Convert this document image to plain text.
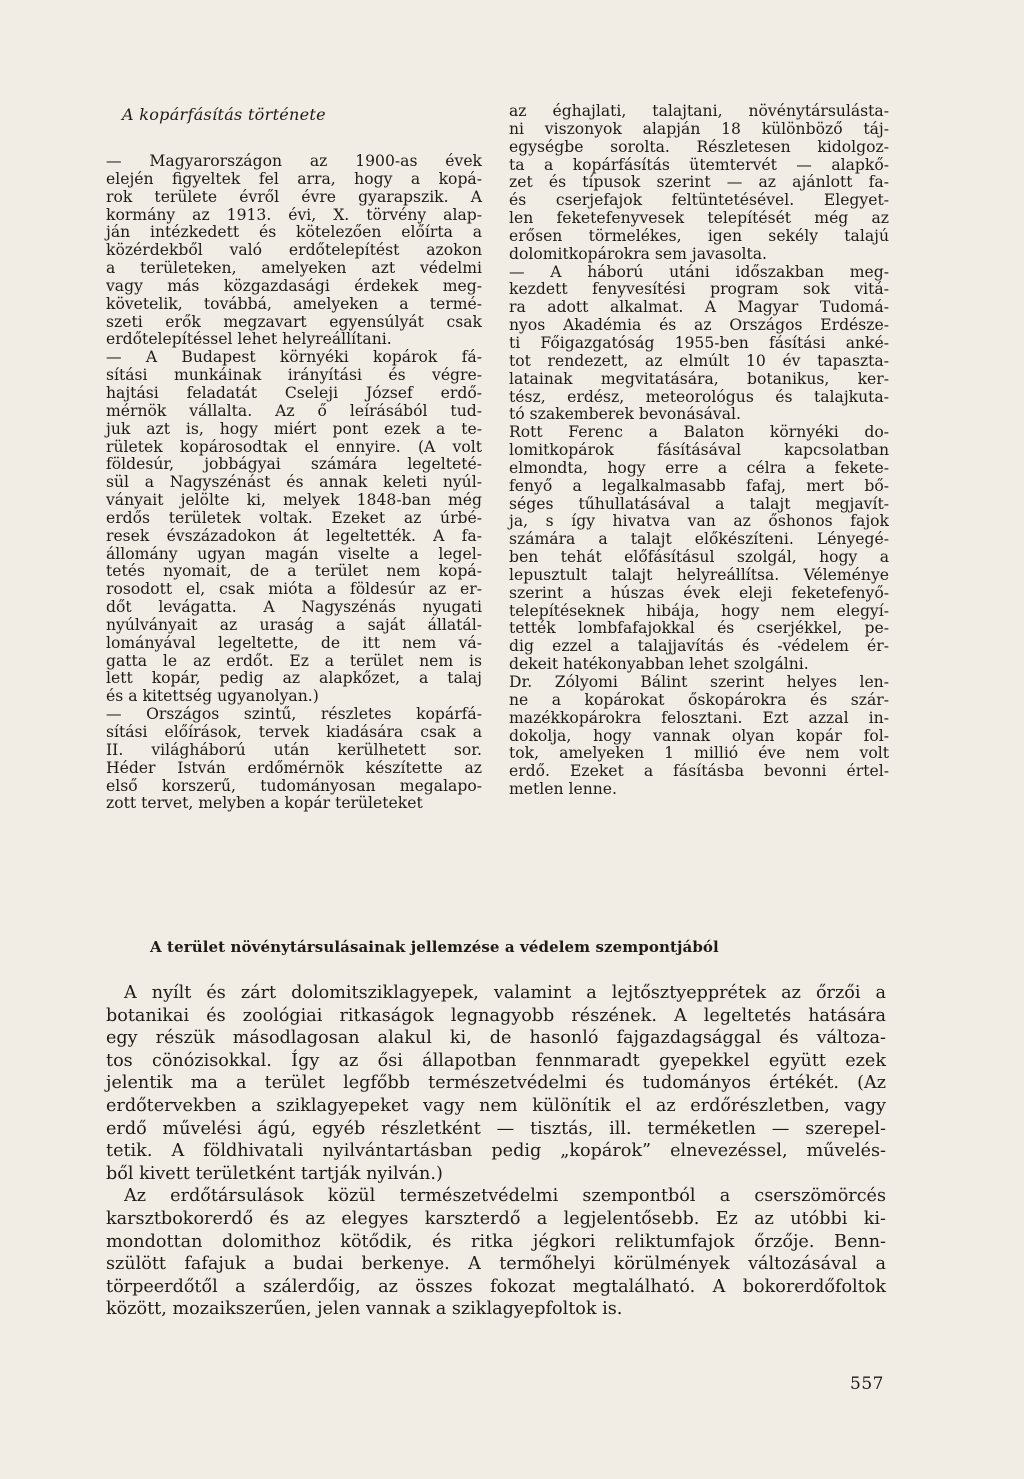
A kopárfásítás története
— Magyarországon az 1900-as évek
elején figyeltek fel arra, hogy a kopá-
rok területe évről évre gyarapszik. A
kormány az 1913. évi, X. törvény alap-
ján intézkedett és kötelezően előírta a
közérdekből való erdőtelepítést azokon
a területeken, amelyeken azt védelmi
vagy más közgazdasági érdekek meg-
követelik, továbbá, amelyeken a termé-
szeti erők megzavart egyensúlyát csak
erdőtelepítéssel lehet helyreállítani.
— A Budapest környéki kopárok fá-
sítási munkáinak irányítási és végre-
hajtási feladatát Cseleji József erdő-
mérnök vállalta. Az ő leírásából tud-
juk azt is, hogy miért pont ezek a te-
rületek kopárosodtak el ennyire. (A volt
földesúr, jobbágyai számára legelteté-
sül a Nagyszénást és annak keleti nyúl-
ványait jelölte ki, melyek 1848-ban még
erdős területek voltak. Ezeket az úrbé-
resek évszázadokon át legeltették. A fa-
állomány ugyan magán viselte a legel-
tetés nyomait, de a terület nem kopá-
rosodott el, csak mióta a földesúr az er-
dőt levágatta. A Nagyszénás nyugati
nyúlványait az uraság a saját állatál-
lományával legeltette, de itt nem vá-
gatta le az erdőt. Ez a terület nem is
lett kopár, pedig az alapkőzet, a talaj
és a kitettség ugyanolyan.)
— Országos szintű, részletes kopárfá-
sítási előírások, tervek kiadására csak a
II. világháború után kerülhetett sor.
Héder István erdőmérnök készítette az
első korszerű, tudományosan megalapo-
zott tervet, melyben a kopár területeket
az éghajlati, talajtani, növénytársulásta-
ni viszonyok alapján 18 különböző táj-
egységbe sorolta. Részletesen kidolgoz-
ta a kopárfásítás ütemtervét — alapkő-
zet és típusok szerint — az ajánlott fa-
és cserjefajok feltüntetésével. Elegyet-
len feketefenyvesek telepítését még az
erősen törmelékes, igen sekély talajú
dolomitkopárokra sem javasolta.
— A háború utáni időszakban meg-
kezdett fenyvesítési program sok vitá-
ra adott alkalmat. A Magyar Tudomá-
nyos Akadémia és az Országos Erdésze-
ti Főigazgatóság 1955-ben fásítási anké-
tot rendezett, az elmúlt 10 év tapaszta-
latainak megvitatására, botanikus, ker-
tész, erdész, meteorológus és talajkuta-
tó szakemberek bevonásával.
Rott Ferenc a Balaton környéki do-
lomitkopárok fásításával kapcsolatban
elmondta, hogy erre a célra a fekete-
fenyő a legalkalmasabb fafaj, mert bő-
séges tűhullatásával a talajt megjavít-
ja, s így hivatva van az őshonos fajok
számára a talajt előkészíteni. Lényegé-
ben tehát előfásításul szolgál, hogy a
lepusztult talajt helyreállítsa. Véleménye
szerint a húszas évek eleji feketefenyő-
telepítéseknek hibája, hogy nem elegyí-
tették lombfafajokkal és cserjékkel, pe-
dig ezzel a talajjavítás és -védelem ér-
dekeit hatékonyabban lehet szolgálni.
Dr. Zólyomi Bálint szerint helyes len-
ne a kopárokat őskopárokra és szár-
mazékkopárokra felosztani. Ezt azzal in-
dokolja, hogy vannak olyan kopár fol-
tok, amelyeken 1 millió éve nem volt
erdő. Ezeket a fásításba bevonni értel-
metlen lenne.
A terület növénytársulásainak jellemzése a védelem szempontjából
A nyílt és zárt dolomitsziklagyepek, valamint a lejtősztyepprétek az őrzői a
botanikai és zoológiai ritkaságok legnagyobb részének. A legeltetés hatására
egy részük másodlagosan alakul ki, de hasonló fajgazdagsággal és változa-
tos cönózisokkal. Így az ősi állapotban fennmaradt gyepekkel együtt ezek
jelentik ma a terület legfőbb természetvédelmi és tudományos értékét. (Az
erdőtervekben a sziklagyepeket vagy nem különítik el az erdőrészletben, vagy
erdő művelési ágú, egyéb részletként — tisztás, ill. terméketlen — szerepel-
tetik. A földhivatali nyilvántartásban pedig „kopárok” elnevezéssel, művelés-
ből kivett területként tartják nyilván.)
Az erdőtársulások közül természetvédelmi szempontból a cserszömörcés
karsztbokorerdő és az elegyes karszterdő a legjelentősebb. Ez az utóbbi ki-
mondottan dolomithoz kötődik, és ritka jégkori reliktumfajok őrzője. Benn-
szülött fafajuk a budai berkenye. A termőhelyi körülmények változásával a
törpeerdőtől a szálerdőig, az összes fokozat megtalálható. A bokorerdőfoltok
között, mozaikszerűen, jelen vannak a sziklagyepfoltok is.
557
